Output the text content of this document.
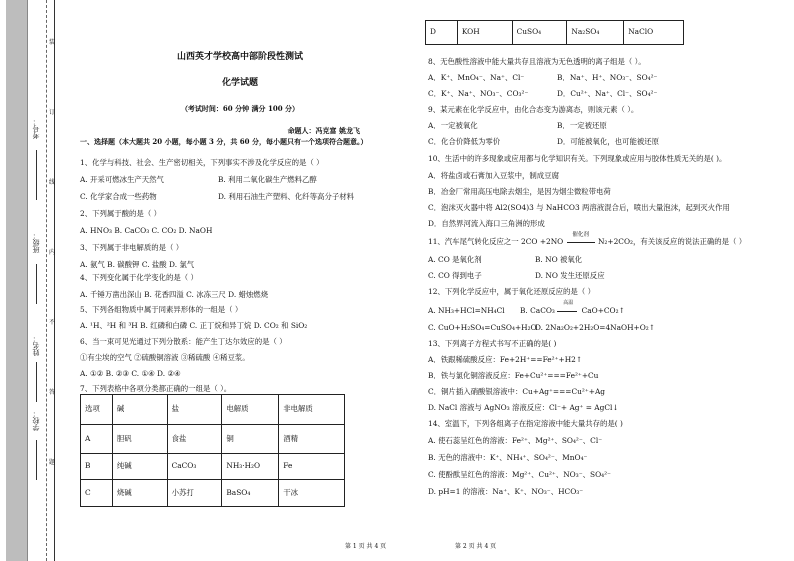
考号：
班级：
姓名：
学校：
装
订
线
内
不
答
题
山西英才学校高中部阶段性测试
化学试题
（考试时间：60 分钟 满分 100 分）
命题人：冯克富 姚龙飞
一、选择题（本大题共 20 小题，每小题 3 分，共 60 分，每小题只有一个选项符合题意。）
1、化学与科技、社会、生产密切相关，下列事实不涉及化学反应的是（ ）
A. 开采可燃冰生产天然气	B. 利用二氧化碳生产燃料乙醇
C. 化学家合成一些药物	D. 利用石油生产塑料、化纤等高分子材料
2、下列属于酸的是（ ）
A. HNO₃ B. CaCO₃ C. CO₂ D. NaOH
3、下列属于非电解质的是（ ）
A. 氨气 B. 碳酸钾 C. 盐酸 D. 氯气
4、下列变化属于化学变化的是（ ）
A. 千锤万凿出深山 B. 花香四溢 C. 冰冻三尺 D. 蜡烛燃烧
5、下列各组物质中属于同素异形体的一组是（ ）
A. ¹H、²H 和 ³H B. 红磷和白磷 C. 正丁烷和异丁烷 D. CO₂ 和 SiO₂
6、当一束可见光通过下列分散系：能产生丁达尔效应的是（ ）
①有尘埃的空气 ②硫酸铜溶液 ③稀硫酸 ④稀豆浆。
A. ①② B. ②③ C. ①④ D. ②④
7、下列表格中各项分类都正确的一组是（ ）。
选项	碱	盐	电解质	非电解质
A	胆矾	食盐	铜	酒精
B	纯碱	CaCO₃	NH₃·H₂O	Fe
C	烧碱	小苏打	BaSO₄	干冰
第 1 页 共 4 页
D	KOH	CuSO₄	Na₂SO₄	NaClO
8、无色酸性溶液中能大量共存且溶液为无色透明的离子组是（ ）。
A．K⁺、MnO₄⁻、Na⁺、Cl⁻	B．Na⁺、H⁺、NO₃⁻、SO₄²⁻
C．K⁺、Na⁺、NO₃⁻、CO₃²⁻	D．Cu²⁺、Na⁺、Cl⁻、SO₄²⁻
9、某元素在化学反应中，由化合态变为游离态，则该元素（ ）。
A．一定被氧化	B．一定被还原
C．化合价降低为零价	D．可能被氧化，也可能被还原
10、生活中的许多现象或应用都与化学知识有关。下列现象或应用与胶体性质无关的是( )。
A．将盐卤或石膏加入豆浆中，制成豆腐
B．冶金厂常用高压电除去烟尘，是因为烟尘微粒带电荷
C．泡沫灭火器中将 Al2(SO4)3 与 NaHCO3 两溶液混合后，喷出大量泡沫，起到灭火作用
D．自然界河流入海口三角洲的形成
11、汽车尾气转化反应之一 2CO +2NO
催化剂
N₂+2CO₂，有关该反应的说法正确的是（ ）
A. CO 是氧化剂	B. NO 被氧化
C. CO 得到电子	D. NO 发生还原反应
12、下列化学反应中，属于氧化还原反应的是（ ）
A. NH₃+HCl=NH₄Cl B. CaCO₃
高温
CaO+CO₂↑
C. CuO+H₂SO₄=CuSO₄+H₂O
D. 2Na₂O₂+2H₂O=4NaOH+O₂↑
13、下列离子方程式书写不正确的是( )
A．铁跟稀硫酸反应：Fe+2H⁺==Fe²⁺+H2↑
B．铁与氯化铜溶液反应：Fe+Cu²⁺===Fe²⁺+Cu
C．铜片插入硝酸银溶液中：Cu+Ag⁺===Cu²⁺+Ag
D. NaCl 溶液与 AgNO₃ 溶液反应：Cl⁻+ Ag⁺ = AgCl↓
14、室温下，下列各组离子在指定溶液中能大量共存的是( )
A. 使石蕊呈红色的溶液：Fe²⁺、Mg²⁺、SO₄²⁻、Cl⁻
B. 无色的溶液中：K⁺、NH₄⁺、SO₄²⁻、MnO₄⁻
C. 使酚酞呈红色的溶液：Mg²⁺、Cu²⁺、NO₃⁻、SO₄²⁻
D. pH=1 的溶液：Na⁺、K⁺、NO₃⁻、HCO₃⁻
第 2 页 共 4 页
